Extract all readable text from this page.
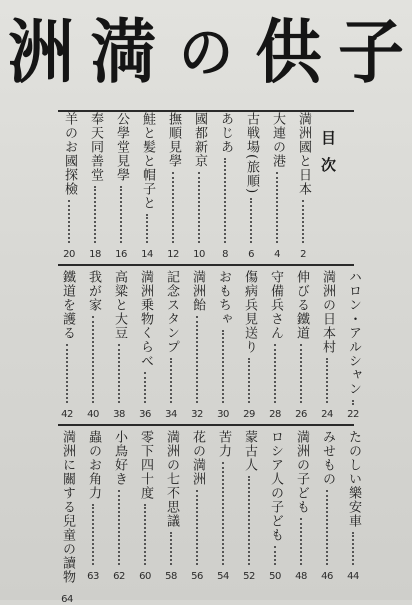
洲 満 の 供 子
目次
満洲國と日本
2
大連の港
4
古戦場(旅順)
6
あじあ
8
國都新京
10
撫順見學
12
鮭と髪と帽子と
14
公學堂見學
16
奉天同善堂
18
羊のお國探檢
20
ハロン・アルシャン
22
満洲の日本村
24
伸びる鐵道
26
守備兵さん
28
傷病兵見送り
29
おもちゃ
30
満洲飴
32
記念スタンプ
34
満洲乗物くらべ
36
高粱と大豆
38
我が家
40
鐵道を護る
42
たのしい樂安車
44
みせもの
46
満洲の子ども
48
ロシア人の子ども
50
蒙古人
52
苦力
54
花の満洲
56
満洲の七不思議
58
零下四十度
60
小鳥好き
62
蟲のお角力
63
満洲に關する兒童の讀物
64
